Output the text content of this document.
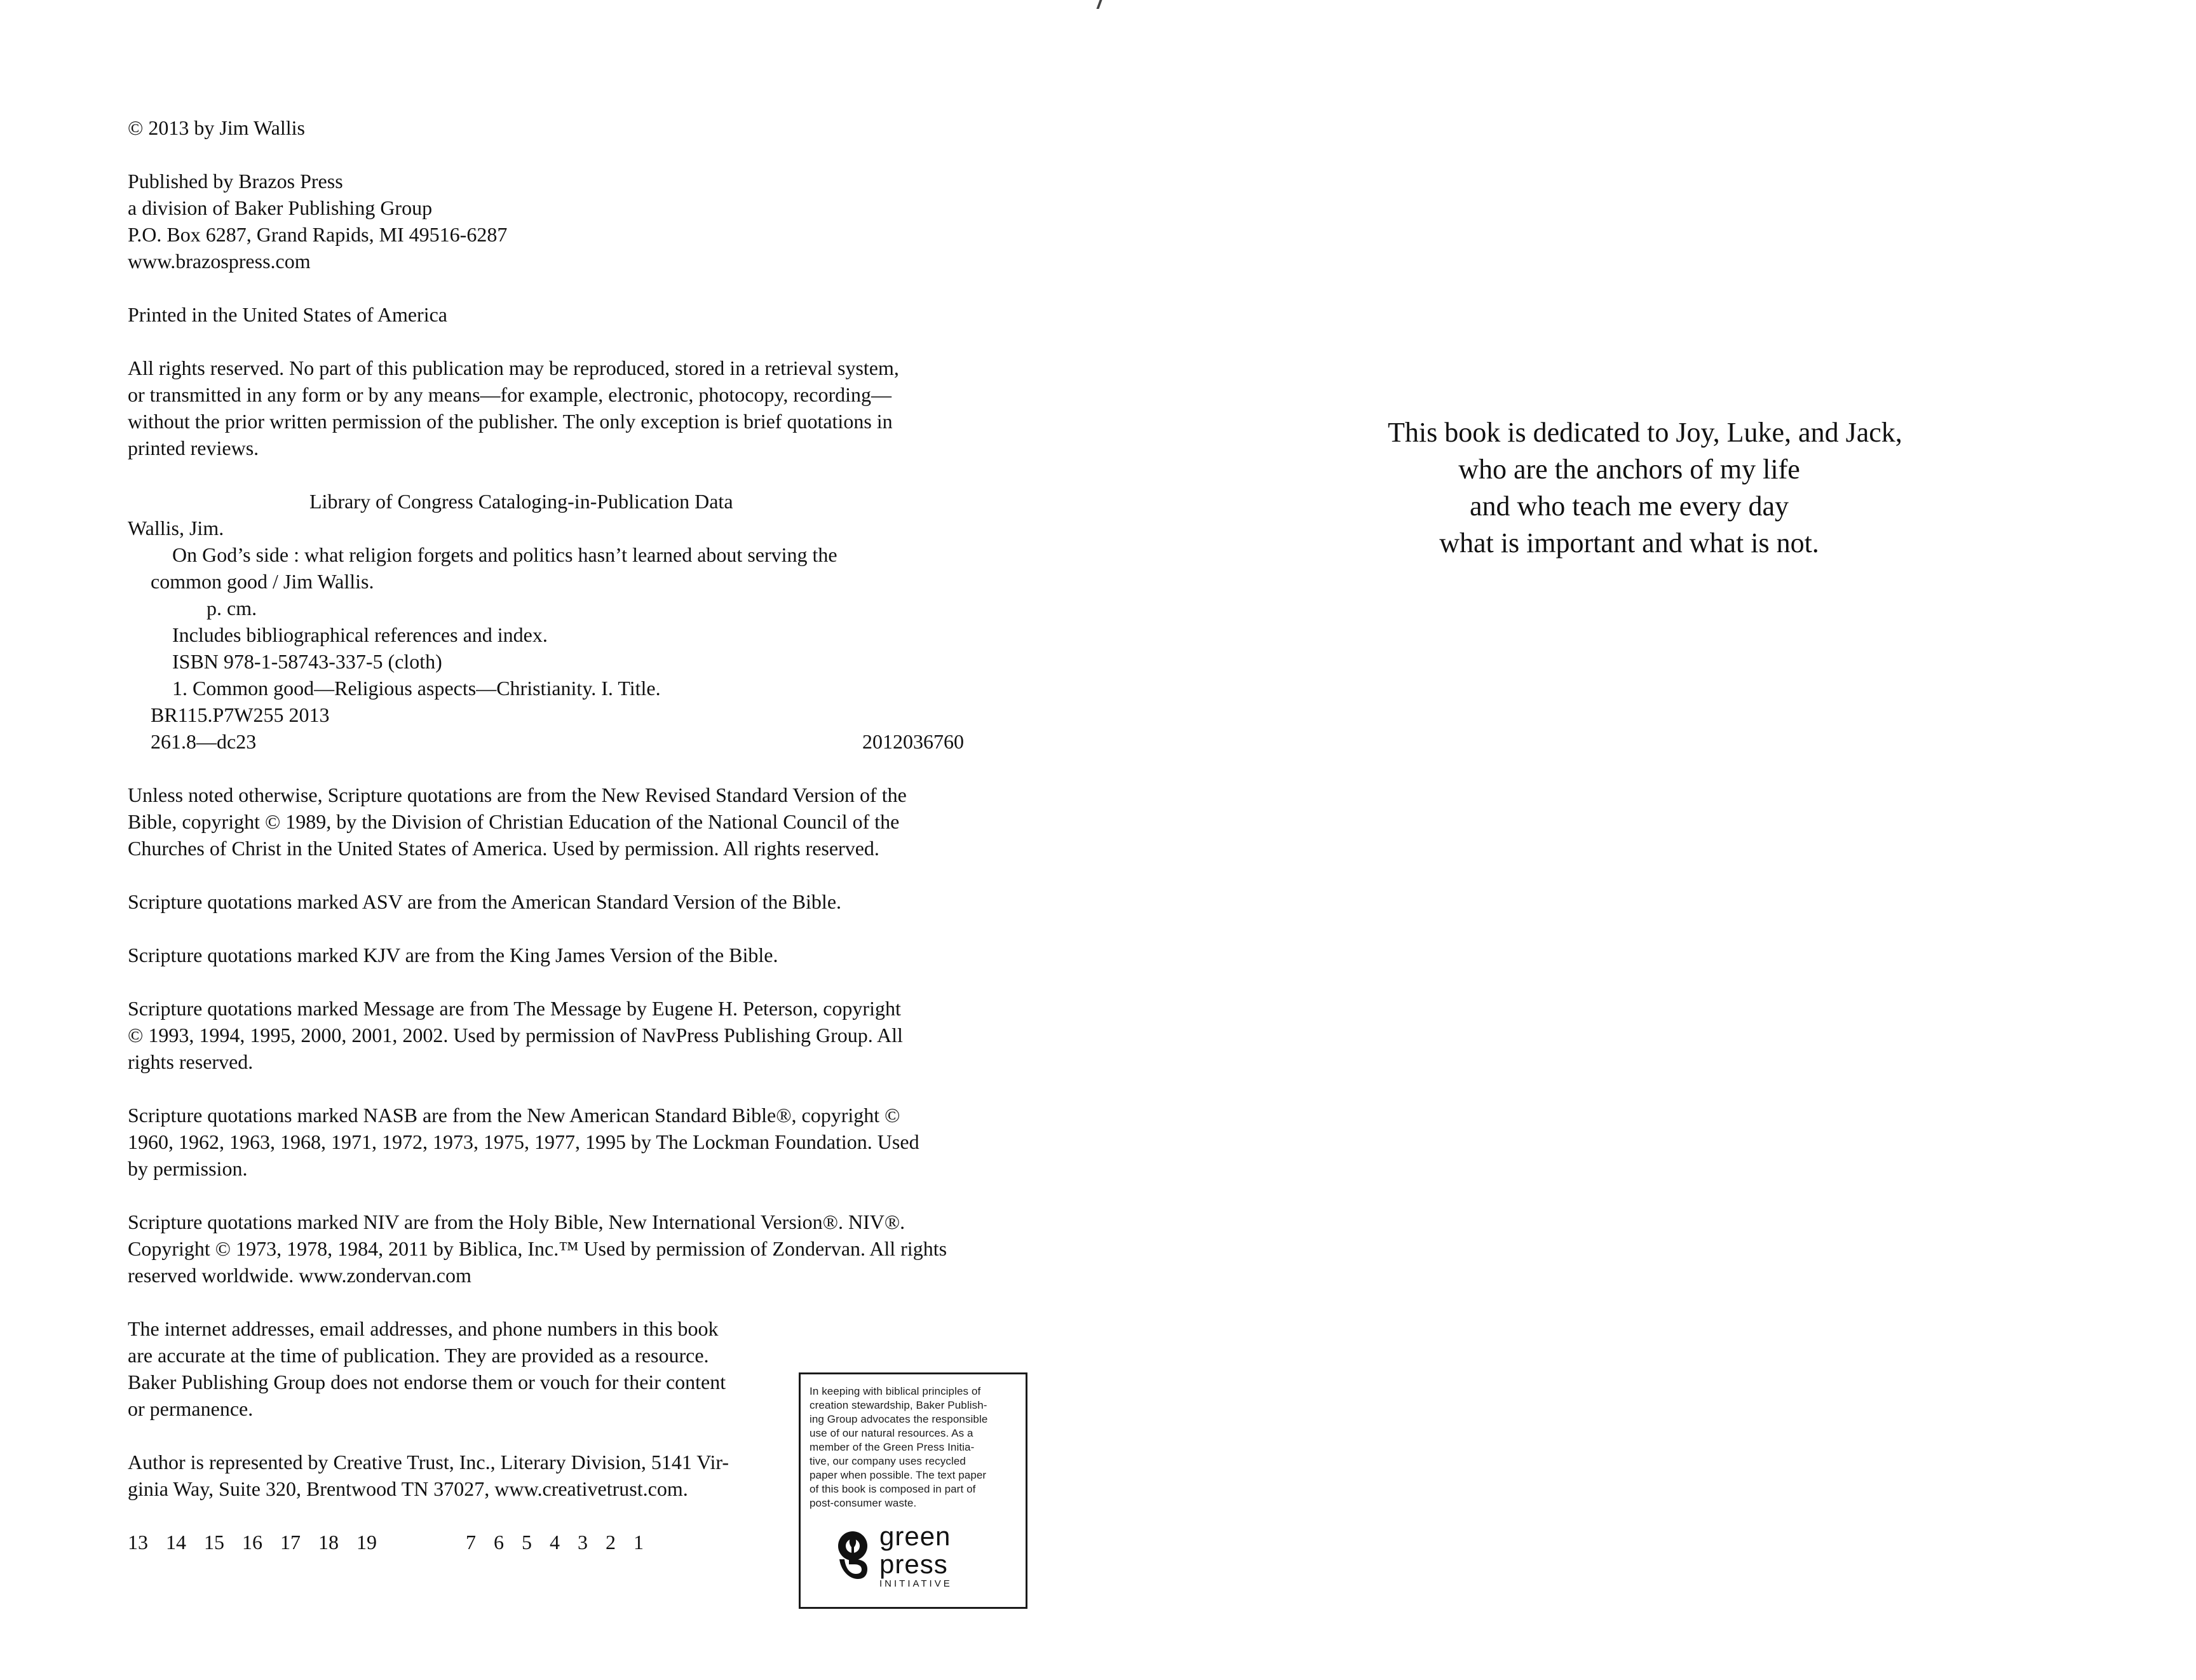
© 2013 by Jim Wallis
Published by Brazos Press
a division of Baker Publishing Group
P.O. Box 6287, Grand Rapids, MI 49516-6287
www.brazospress.com
Printed in the United States of America
All rights reserved. No part of this publication may be reproduced, stored in a retrieval system,
or transmitted in any form or by any means—for example, electronic, photocopy, recording—
without the prior written permission of the publisher. The only exception is brief quotations in
printed reviews.
Library of Congress Cataloging-in-Publication Data
Wallis, Jim.
On God’s side : what religion forgets and politics hasn’t learned about serving the
common good / Jim Wallis.
p. cm.
Includes bibliographical references and index.
ISBN 978-1-58743-337-5 (cloth)
1. Common good—Religious aspects—Christianity. I. Title.
BR115.P7W255 2013
261.8—dc23	2012036760
Unless noted otherwise, Scripture quotations are from the New Revised Standard Version of the
Bible, copyright © 1989, by the Division of Christian Education of the National Council of the
Churches of Christ in the United States of America. Used by permission. All rights reserved.
Scripture quotations marked ASV are from the American Standard Version of the Bible.
Scripture quotations marked KJV are from the King James Version of the Bible.
Scripture quotations marked Message are from The Message by Eugene H. Peterson, copyright
© 1993, 1994, 1995, 2000, 2001, 2002. Used by permission of NavPress Publishing Group. All
rights reserved.
Scripture quotations marked NASB are from the New American Standard Bible®, copyright ©
1960, 1962, 1963, 1968, 1971, 1972, 1973, 1975, 1977, 1995 by The Lockman Foundation. Used
by permission.
Scripture quotations marked NIV are from the Holy Bible, New International Version®. NIV®.
Copyright © 1973, 1978, 1984, 2011 by Biblica, Inc.™ Used by permission of Zondervan. All rights
reserved worldwide. www.zondervan.com
The internet addresses, email addresses, and phone numbers in this book
are accurate at the time of publication. They are provided as a resource.
Baker Publishing Group does not endorse them or vouch for their content
or permanence.
Author is represented by Creative Trust, Inc., Literary Division, 5141 Vir-
ginia Way, Suite 320, Brentwood TN 37027, www.creativetrust.com.
13 14 15 16 17 18 19	7 6 5 4 3 2 1
In keeping with biblical principles of
creation stewardship, Baker Publish-
ing Group advocates the responsible
use of our natural resources. As a
member of the Green Press Initia-
tive, our company uses recycled
paper when possible. The text paper
of this book is composed in part of
post-consumer waste.
green
press
INITIATIVE
This book is dedicated to Joy, Luke, and Jack,
who are the anchors of my life
and who teach me every day
what is important and what is not.
